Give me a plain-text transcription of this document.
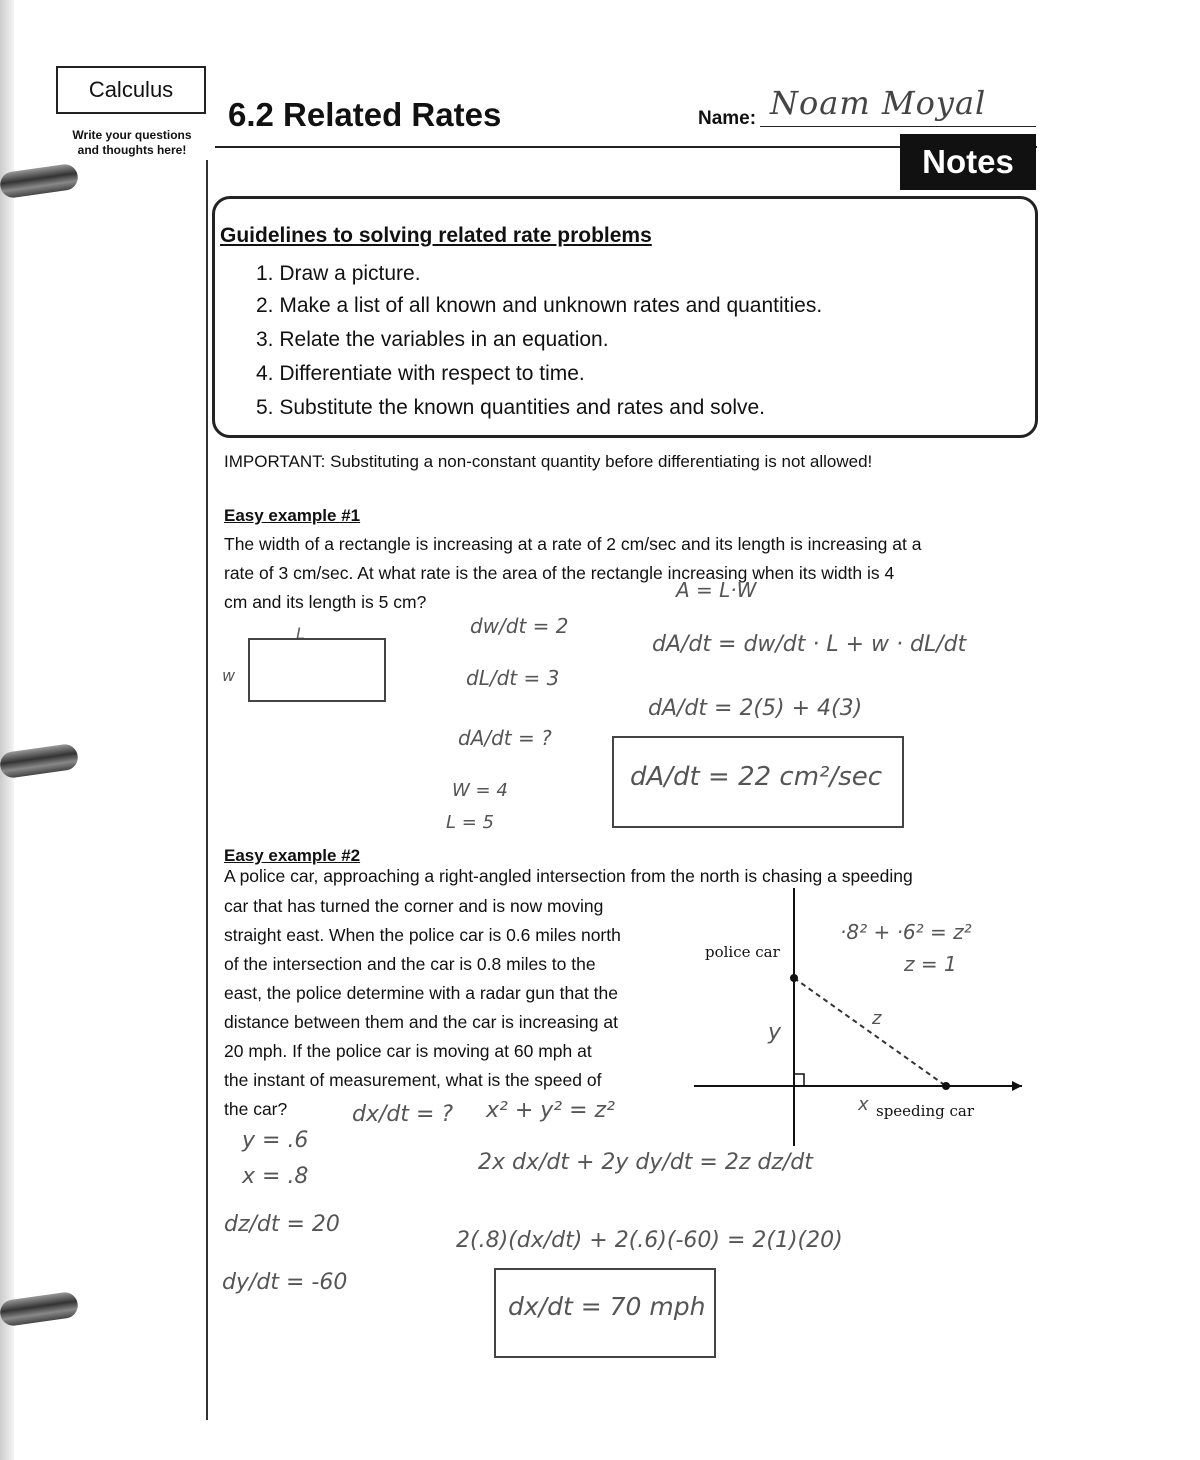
Calculus
Write your questions and thoughts here!
6.2 Related Rates	Name: Noam Moyal
Notes
Guidelines to solving related rate problems
1. Draw a picture.
2. Make a list of all known and unknown rates and quantities.
3. Relate the variables in an equation.
4. Differentiate with respect to time.
5. Substitute the known quantities and rates and solve.
IMPORTANT: Substituting a non-constant quantity before differentiating is not allowed!
Easy example #1
The width of a rectangle is increasing at a rate of 2 cm/sec and its length is increasing at a
rate of 3 cm/sec. At what rate is the area of the rectangle increasing when its width is 4
cm and its length is 5 cm?	A = L·W
L
w
dw/dt = 2
dL/dt = 3
dA/dt = ?
W = 4
L = 5
dA/dt = dw/dt · L + w · dL/dt
dA/dt = 2(5) + 4(3)
dA/dt = 22 cm²/sec
Easy example #2
A police car, approaching a right-angled intersection from the north is chasing a speeding
car that has turned the corner and is now moving
straight east. When the police car is 0.6 miles north
of the intersection and the car is 0.8 miles to the
east, the police determine with a radar gun that the
distance between them and the car is increasing at
20 mph. If the police car is moving at 60 mph at
the instant of measurement, what is the speed of
the car?
police car
speeding car
y
x
z
·8² + ·6² = z²
z = 1
dx/dt = ?
y = .6
x = .8
dz/dt = 20
dy/dt = -60
x² + y² = z²
2x dx/dt + 2y dy/dt = 2z dz/dt
2(.8)(dx/dt) + 2(.6)(-60) = 2(1)(20)
dx/dt = 70 mph
